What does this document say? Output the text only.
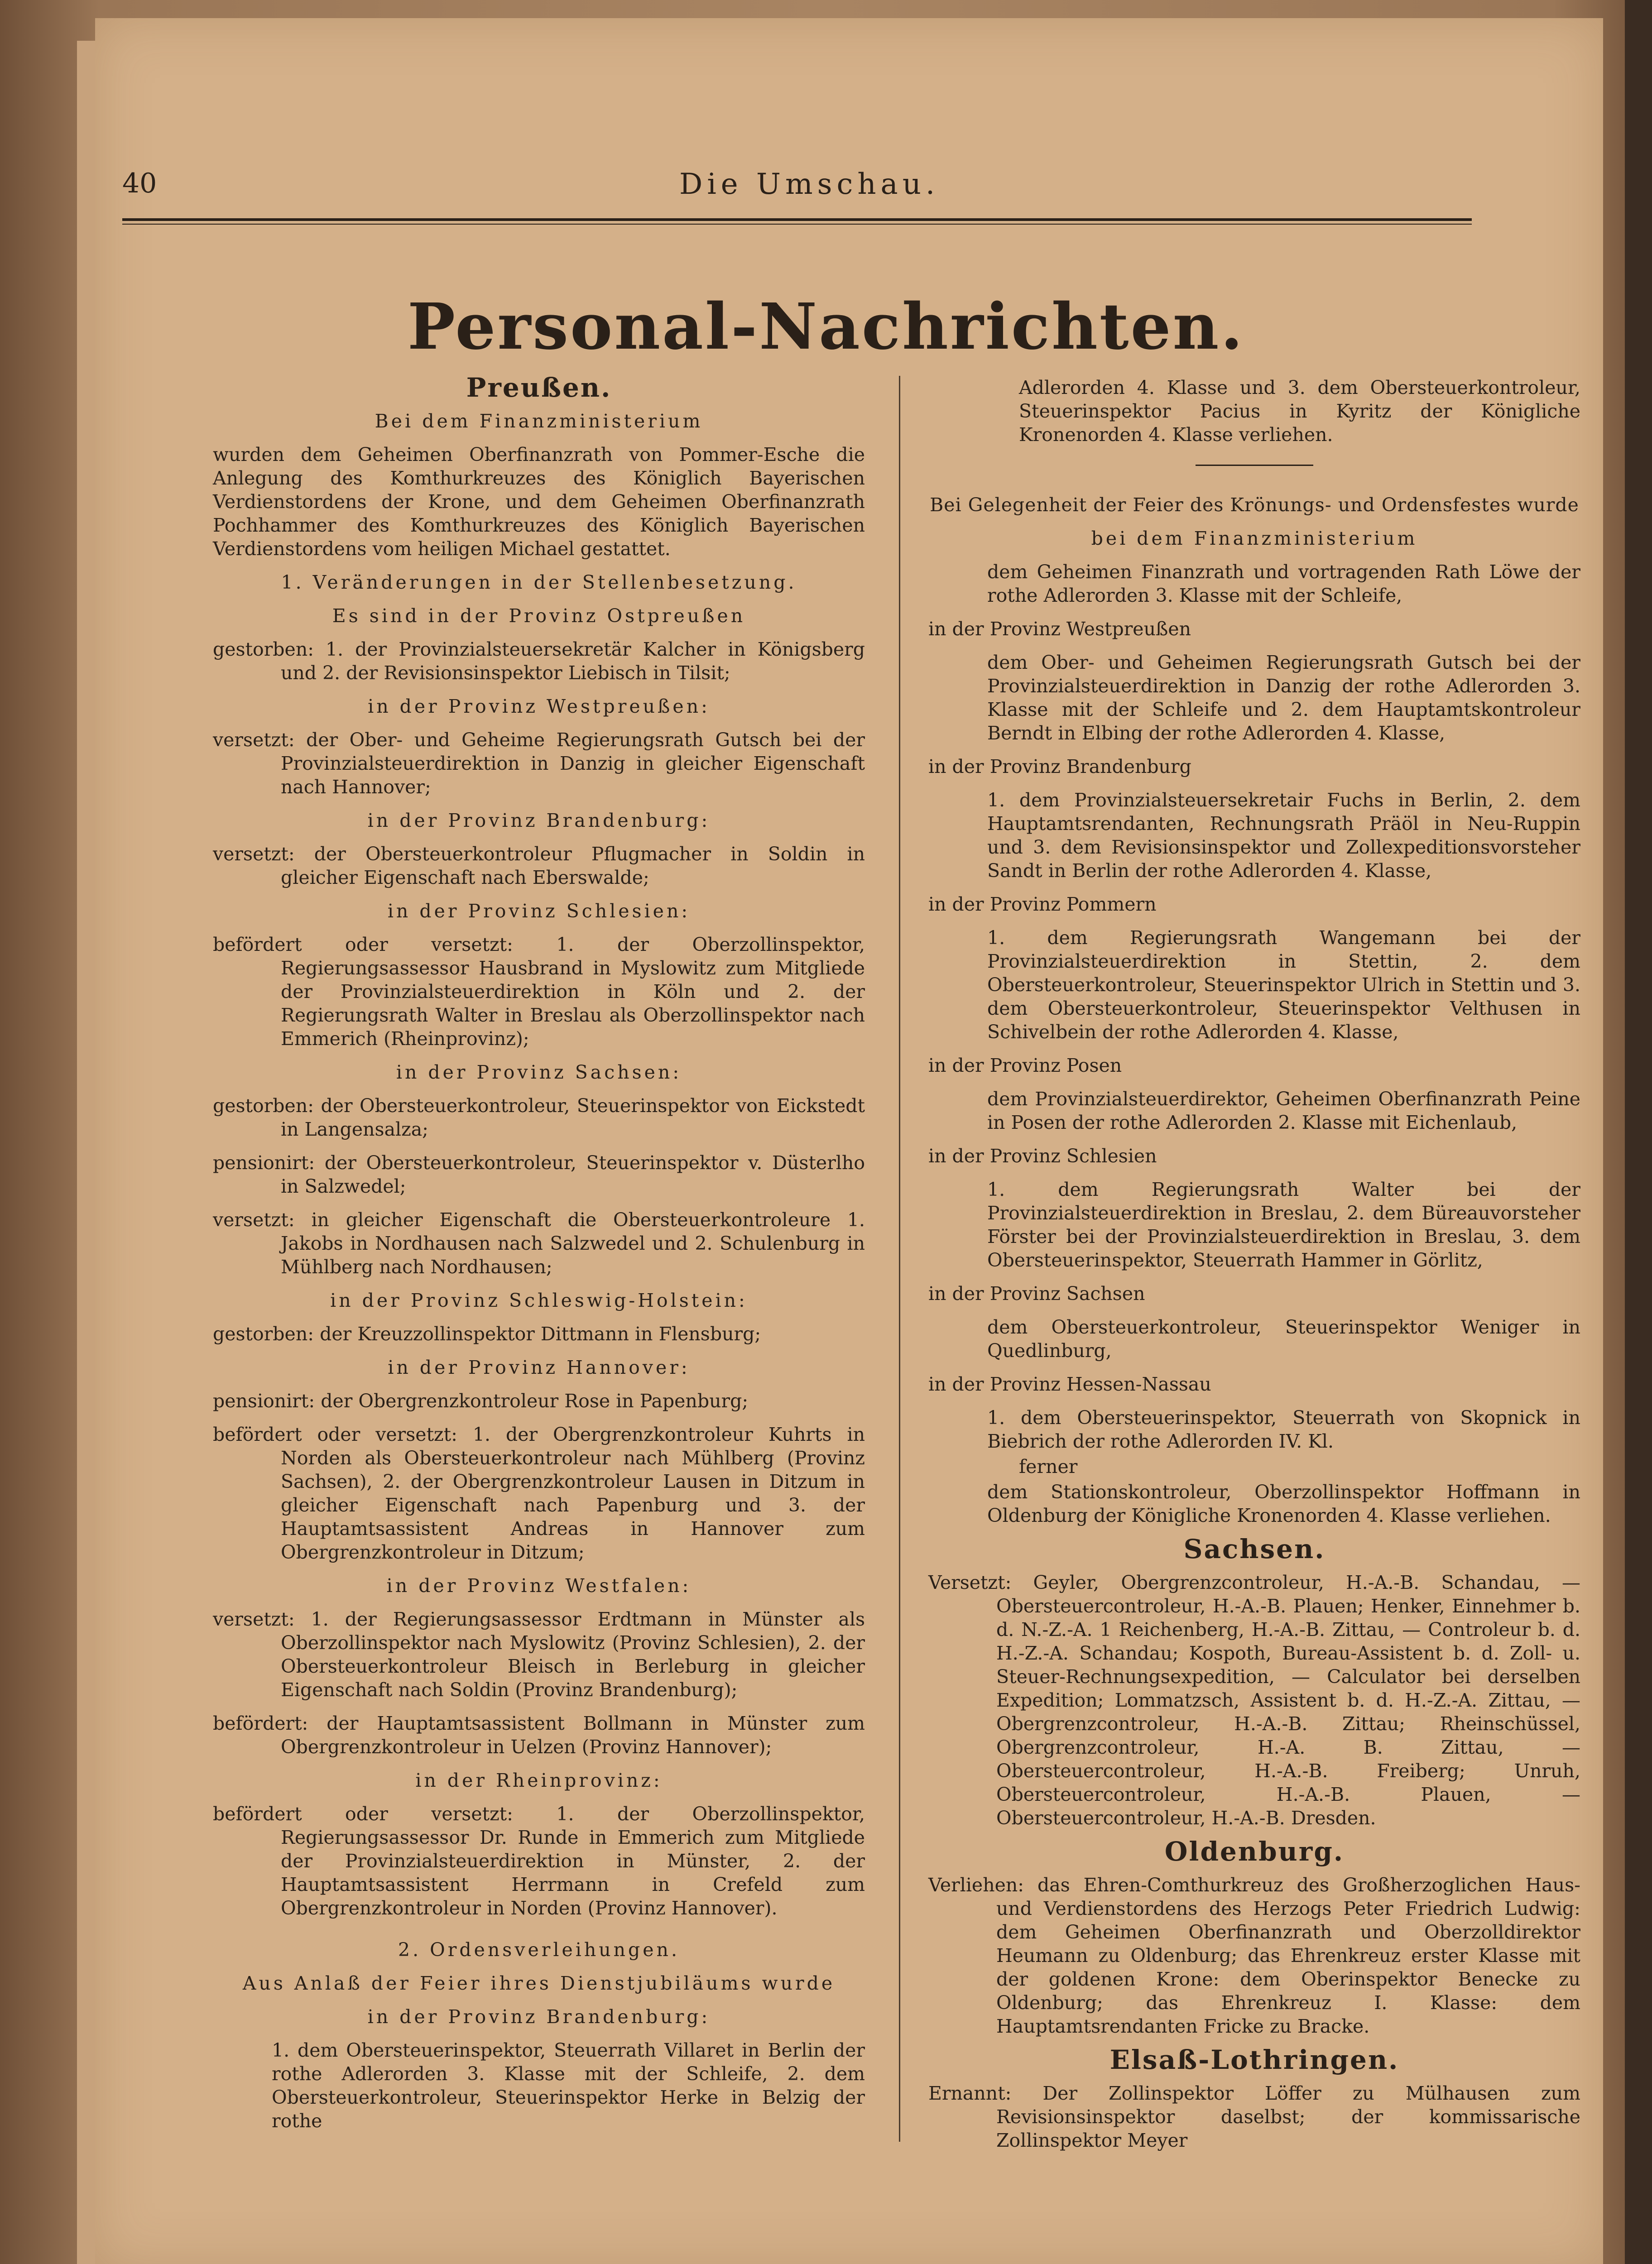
40	Die Umschau.
Personal-Nachrichten.

Preußen.

Bei dem Finanzministerium

wurden dem Geheimen Oberfinanzrath von Pommer-Esche die Anlegung des Komthurkreuzes des Königlich Bayerischen Verdienstordens der Krone, und dem Geheimen Oberfinanzrath Pochhammer des Komthurkreuzes des Königlich Bayerischen Verdienstordens vom heiligen Michael gestattet.

1. Veränderungen in der Stellenbesetzung.

Es sind in der Provinz Ostpreußen

gestorben: 1. der Provinzialsteuersekretär Kalcher in Königsberg und 2. der Revisionsinspektor Liebisch in Tilsit;

in der Provinz Westpreußen:

versetzt: der Ober- und Geheime Regierungsrath Gutsch bei der Provinzialsteuerdirektion in Danzig in gleicher Eigenschaft nach Hannover;

in der Provinz Brandenburg:

versetzt: der Obersteuerkontroleur Pflugmacher in Soldin in gleicher Eigenschaft nach Eberswalde;

in der Provinz Schlesien:

befördert oder versetzt: 1. der Oberzollinspektor, Regierungsassessor Hausbrand in Myslowitz zum Mitgliede der Provinzialsteuerdirektion in Köln und 2. der Regierungsrath Walter in Breslau als Oberzollinspektor nach Emmerich (Rheinprovinz);

in der Provinz Sachsen:

gestorben: der Obersteuerkontroleur, Steuerinspektor von Eickstedt in Langensalza;

pensionirt: der Obersteuerkontroleur, Steuerinspektor v. Düsterlho in Salzwedel;

versetzt: in gleicher Eigenschaft die Obersteuerkontroleure 1. Jakobs in Nordhausen nach Salzwedel und 2. Schulenburg in Mühlberg nach Nordhausen;

in der Provinz Schleswig-Holstein:

gestorben: der Kreuzzollinspektor Dittmann in Flensburg;

in der Provinz Hannover:

pensionirt: der Obergrenzkontroleur Rose in Papenburg;

befördert oder versetzt: 1. der Obergrenzkontroleur Kuhrts in Norden als Obersteuerkontroleur nach Mühlberg (Provinz Sachsen), 2. der Obergrenzkontroleur Lausen in Ditzum in gleicher Eigenschaft nach Papenburg und 3. der Hauptamtsassistent Andreas in Hannover zum Obergrenzkontroleur in Ditzum;

in der Provinz Westfalen:

versetzt: 1. der Regierungsassessor Erdtmann in Münster als Oberzollinspektor nach Myslowitz (Provinz Schlesien), 2. der Obersteuerkontroleur Bleisch in Berleburg in gleicher Eigenschaft nach Soldin (Provinz Brandenburg);

befördert: der Hauptamtsassistent Bollmann in Münster zum Obergrenzkontroleur in Uelzen (Provinz Hannover);

in der Rheinprovinz:

befördert oder versetzt: 1. der Oberzollinspektor, Regierungsassessor Dr. Runde in Emmerich zum Mitgliede der Provinzialsteuerdirektion in Münster, 2. der Hauptamtsassistent Herrmann in Crefeld zum Obergrenzkontroleur in Norden (Provinz Hannover).

2. Ordensverleihungen.

Aus Anlaß der Feier ihres Dienstjubiläums wurde

in der Provinz Brandenburg:

1. dem Obersteuerinspektor, Steuerrath Villaret in Berlin der rothe Adlerorden 3. Klasse mit der Schleife, 2. dem Obersteuerkontroleur, Steuerinspektor Herke in Belzig der rothe

Adlerorden 4. Klasse und 3. dem Obersteuerkontroleur, Steuerinspektor Pacius in Kyritz der Königliche Kronenorden 4. Klasse verliehen.

Bei Gelegenheit der Feier des Krönungs- und Ordensfestes wurde

bei dem Finanzministerium

dem Geheimen Finanzrath und vortragenden Rath Löwe der rothe Adlerorden 3. Klasse mit der Schleife,

in der Provinz Westpreußen

dem Ober- und Geheimen Regierungsrath Gutsch bei der Provinzialsteuerdirektion in Danzig der rothe Adlerorden 3. Klasse mit der Schleife und 2. dem Hauptamtskontroleur Berndt in Elbing der rothe Adlerorden 4. Klasse,

in der Provinz Brandenburg

1. dem Provinzialsteuersekretair Fuchs in Berlin, 2. dem Hauptamtsrendanten, Rechnungsrath Präöl in Neu-Ruppin und 3. dem Revisionsinspektor und Zollexpeditionsvorsteher Sandt in Berlin der rothe Adlerorden 4. Klasse,

in der Provinz Pommern

1. dem Regierungsrath Wangemann bei der Provinzialsteuerdirektion in Stettin, 2. dem Obersteuerkontroleur, Steuerinspektor Ulrich in Stettin und 3. dem Obersteuerkontroleur, Steuerinspektor Velthusen in Schivelbein der rothe Adlerorden 4. Klasse,

in der Provinz Posen

dem Provinzialsteuerdirektor, Geheimen Oberfinanzrath Peine in Posen der rothe Adlerorden 2. Klasse mit Eichenlaub,

in der Provinz Schlesien

1. dem Regierungsrath Walter bei der Provinzialsteuerdirektion in Breslau, 2. dem Büreauvorsteher Förster bei der Provinzialsteuerdirektion in Breslau, 3. dem Obersteuerinspektor, Steuerrath Hammer in Görlitz,

in der Provinz Sachsen

dem Obersteuerkontroleur, Steuerinspektor Weniger in Quedlinburg,

in der Provinz Hessen-Nassau

1. dem Obersteuerinspektor, Steuerrath von Skopnick in Biebrich der rothe Adlerorden IV. Kl.

ferner

dem Stationskontroleur, Oberzollinspektor Hoffmann in Oldenburg der Königliche Kronenorden 4. Klasse verliehen.

Sachsen.

Versetzt: Geyler, Obergrenzcontroleur, H.-A.-B. Schandau, — Obersteuercontroleur, H.-A.-B. Plauen; Henker, Einnehmer b. d. N.-Z.-A. 1 Reichenberg, H.-A.-B. Zittau, — Controleur b. d. H.-Z.-A. Schandau; Kospoth, Bureau-Assistent b. d. Zoll- u. Steuer-Rechnungsexpedition, — Calculator bei derselben Expedition; Lommatzsch, Assistent b. d. H.-Z.-A. Zittau, — Obergrenzcontroleur, H.-A.-B. Zittau; Rheinschüssel, Obergrenzcontroleur, H.-A. B. Zittau, — Obersteuercontroleur, H.-A.-B. Freiberg; Unruh, Obersteuercontroleur, H.-A.-B. Plauen, — Obersteuercontroleur, H.-A.-B. Dresden.

Oldenburg.

Verliehen: das Ehren-Comthurkreuz des Großherzoglichen Haus- und Verdienstordens des Herzogs Peter Friedrich Ludwig: dem Geheimen Oberfinanzrath und Oberzolldirektor Heumann zu Oldenburg; das Ehrenkreuz erster Klasse mit der goldenen Krone: dem Oberinspektor Benecke zu Oldenburg; das Ehrenkreuz I. Klasse: dem Hauptamtsrendanten Fricke zu Bracke.

Elsaß-Lothringen.

Ernannt: Der Zollinspektor Löffer zu Mülhausen zum Revisionsinspektor daselbst; der kommissarische Zollinspektor Meyer
